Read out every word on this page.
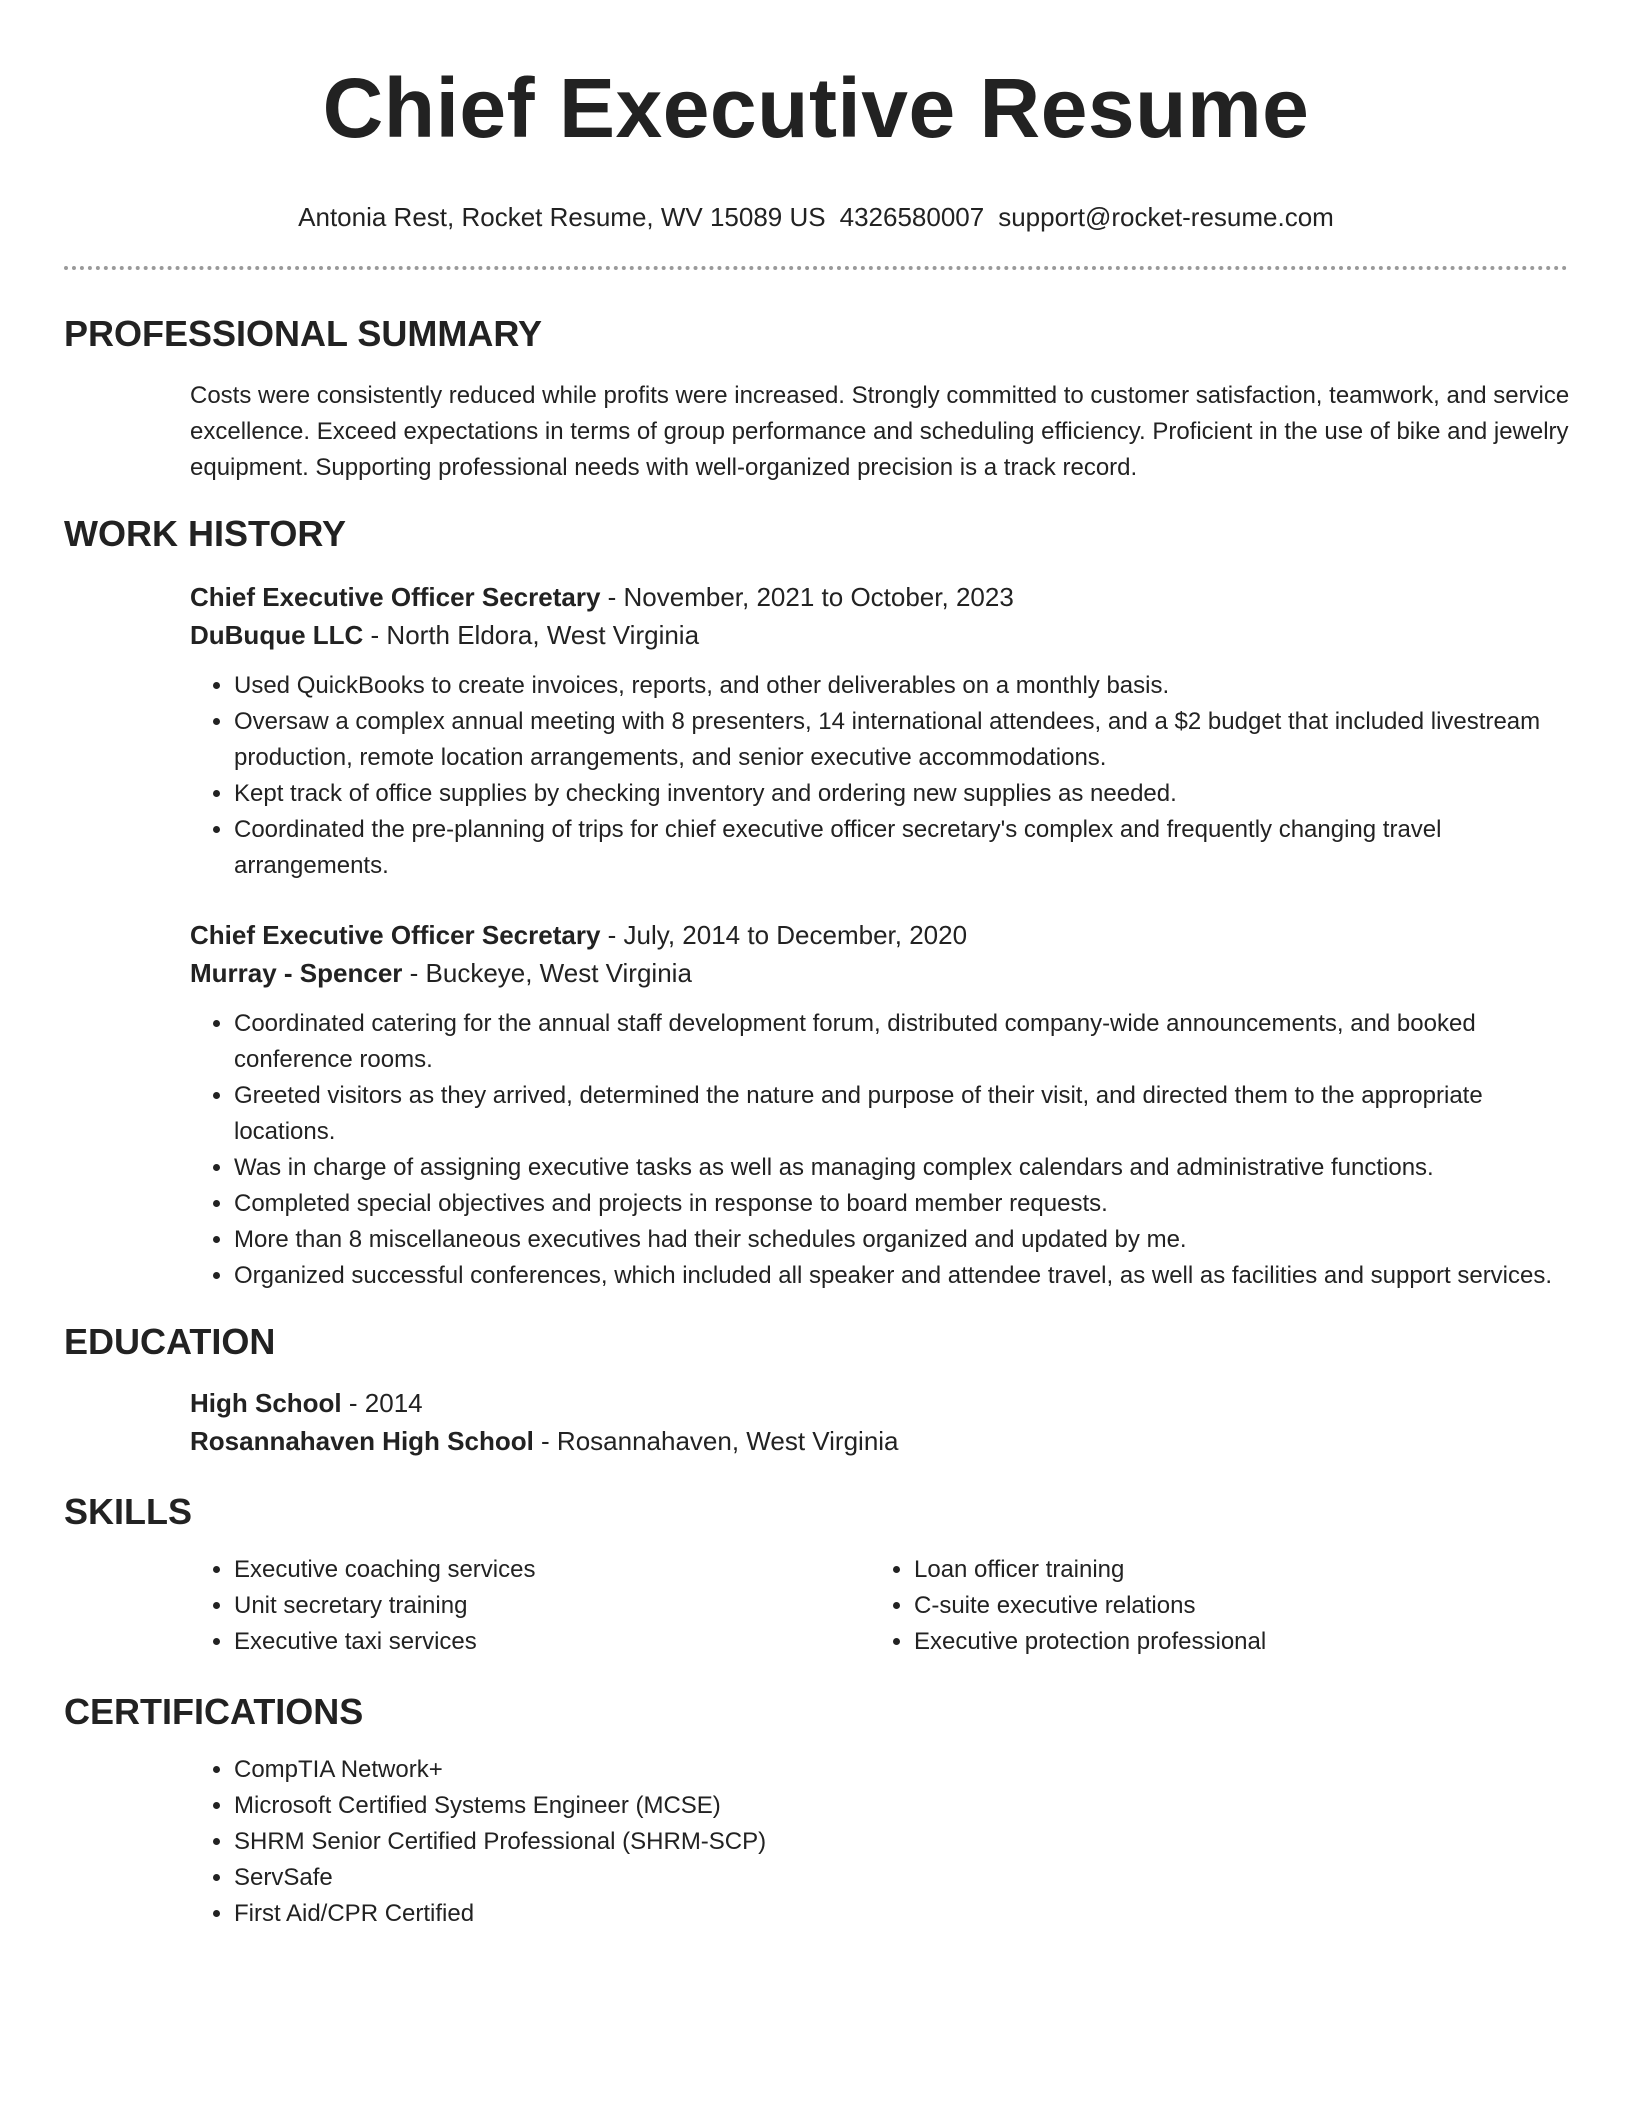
Chief Executive Resume
Antonia Rest, Rocket Resume, WV 15089 US 4326580007 support@rocket-resume.com
PROFESSIONAL SUMMARY

Costs were consistently reduced while profits were increased. Strongly committed to customer satisfaction, teamwork, and service excellence. Exceed expectations in terms of group performance and scheduling efficiency. Proficient in the use of bike and jewelry equipment. Supporting professional needs with well-organized precision is a track record.

WORK HISTORY

Chief Executive Officer Secretary - November, 2021 to October, 2023

DuBuque LLC - North Eldora, West Virginia

• Used QuickBooks to create invoices, reports, and other deliverables on a monthly basis.
• Oversaw a complex annual meeting with 8 presenters, 14 international attendees, and a $2 budget that included livestream production, remote location arrangements, and senior executive accommodations.
• Kept track of office supplies by checking inventory and ordering new supplies as needed.
• Coordinated the pre-planning of trips for chief executive officer secretary's complex and frequently changing travel arrangements.

Chief Executive Officer Secretary - July, 2014 to December, 2020

Murray - Spencer - Buckeye, West Virginia

• Coordinated catering for the annual staff development forum, distributed company-wide announcements, and booked conference rooms.
• Greeted visitors as they arrived, determined the nature and purpose of their visit, and directed them to the appropriate locations.
• Was in charge of assigning executive tasks as well as managing complex calendars and administrative functions.
• Completed special objectives and projects in response to board member requests.
• More than 8 miscellaneous executives had their schedules organized and updated by me.
• Organized successful conferences, which included all speaker and attendee travel, as well as facilities and support services.
EDUCATION

High School - 2014

Rosannahaven High School - Rosannahaven, West Virginia

SKILLS
• Executive coaching services
• Unit secretary training
• Executive taxi services
• Loan officer training
• C-suite executive relations
• Executive protection professional
CERTIFICATIONS
• CompTIA Network+
• Microsoft Certified Systems Engineer (MCSE)
• SHRM Senior Certified Professional (SHRM-SCP)
• ServSafe
• First Aid/CPR Certified
